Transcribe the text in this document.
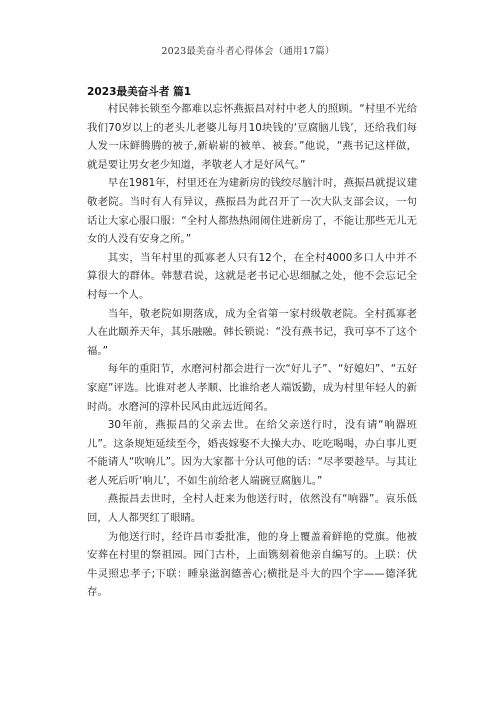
2023最美奋斗者心得体会（通用17篇）
2023最美奋斗者 篇1

村民韩长锁至今都难以忘怀燕振昌对村中老人的照顾。“村里不光给我们70岁以上的老头儿老婆儿每月10块钱的‘豆腐脑儿钱’，还给我们每人发一床鲜腾腾的被子,新崭崭的被单、被套。”他说，“燕书记这样做，就是要让男女老少知道，孝敬老人才是好风气。”

早在1981年，村里还在为建新房的钱绞尽脑汁时，燕振昌就提议建敬老院。当时有人有异议，燕振昌为此召开了一次大队支部会议，一句话让大家心服口服：“全村人都热热闹闹住进新房了，不能让那些无儿无女的人没有安身之所。”

其实，当年村里的孤寡老人只有12个，在全村4000多口人中并不算很大的群体。韩慧君说，这就是老书记心思细腻之处，他不会忘记全村每一个人。

当年，敬老院如期落成，成为全省第一家村级敬老院。全村孤寡老人在此颐养天年，其乐融融。韩长锁说：“没有燕书记，我可享不了这个福。”

每年的重阳节，水磨河村都会进行一次“好儿子”、“好媳妇”、“五好家庭”评选。比谁对老人孝顺、比谁给老人端饭勤，成为村里年轻人的新时尚。水磨河的淳朴民风由此远近闻名。

30年前，燕振昌的父亲去世。在给父亲送行时，没有请“响器班儿”。这条规矩延续至今，婚丧嫁娶不大操大办、吃吃喝喝，办白事儿更不能请人“吹响儿”。因为大家都十分认可他的话：“尽孝要趁早。与其让老人死后听‘响儿’，不如生前给老人端碗豆腐脑儿。”

燕振昌去世时，全村人赶来为他送行时，依然没有“响器”。哀乐低回，人人都哭红了眼睛。

为他送行时，经许昌市委批准，他的身上覆盖着鲜艳的党旗。他被安葬在村里的祭祖园。园门古朴，上面镌刻着他亲自编写的。上联：伏牛灵照忠孝子;下联：睡泉滋润德善心;横批是斗大的四个字——德泽犹存。
